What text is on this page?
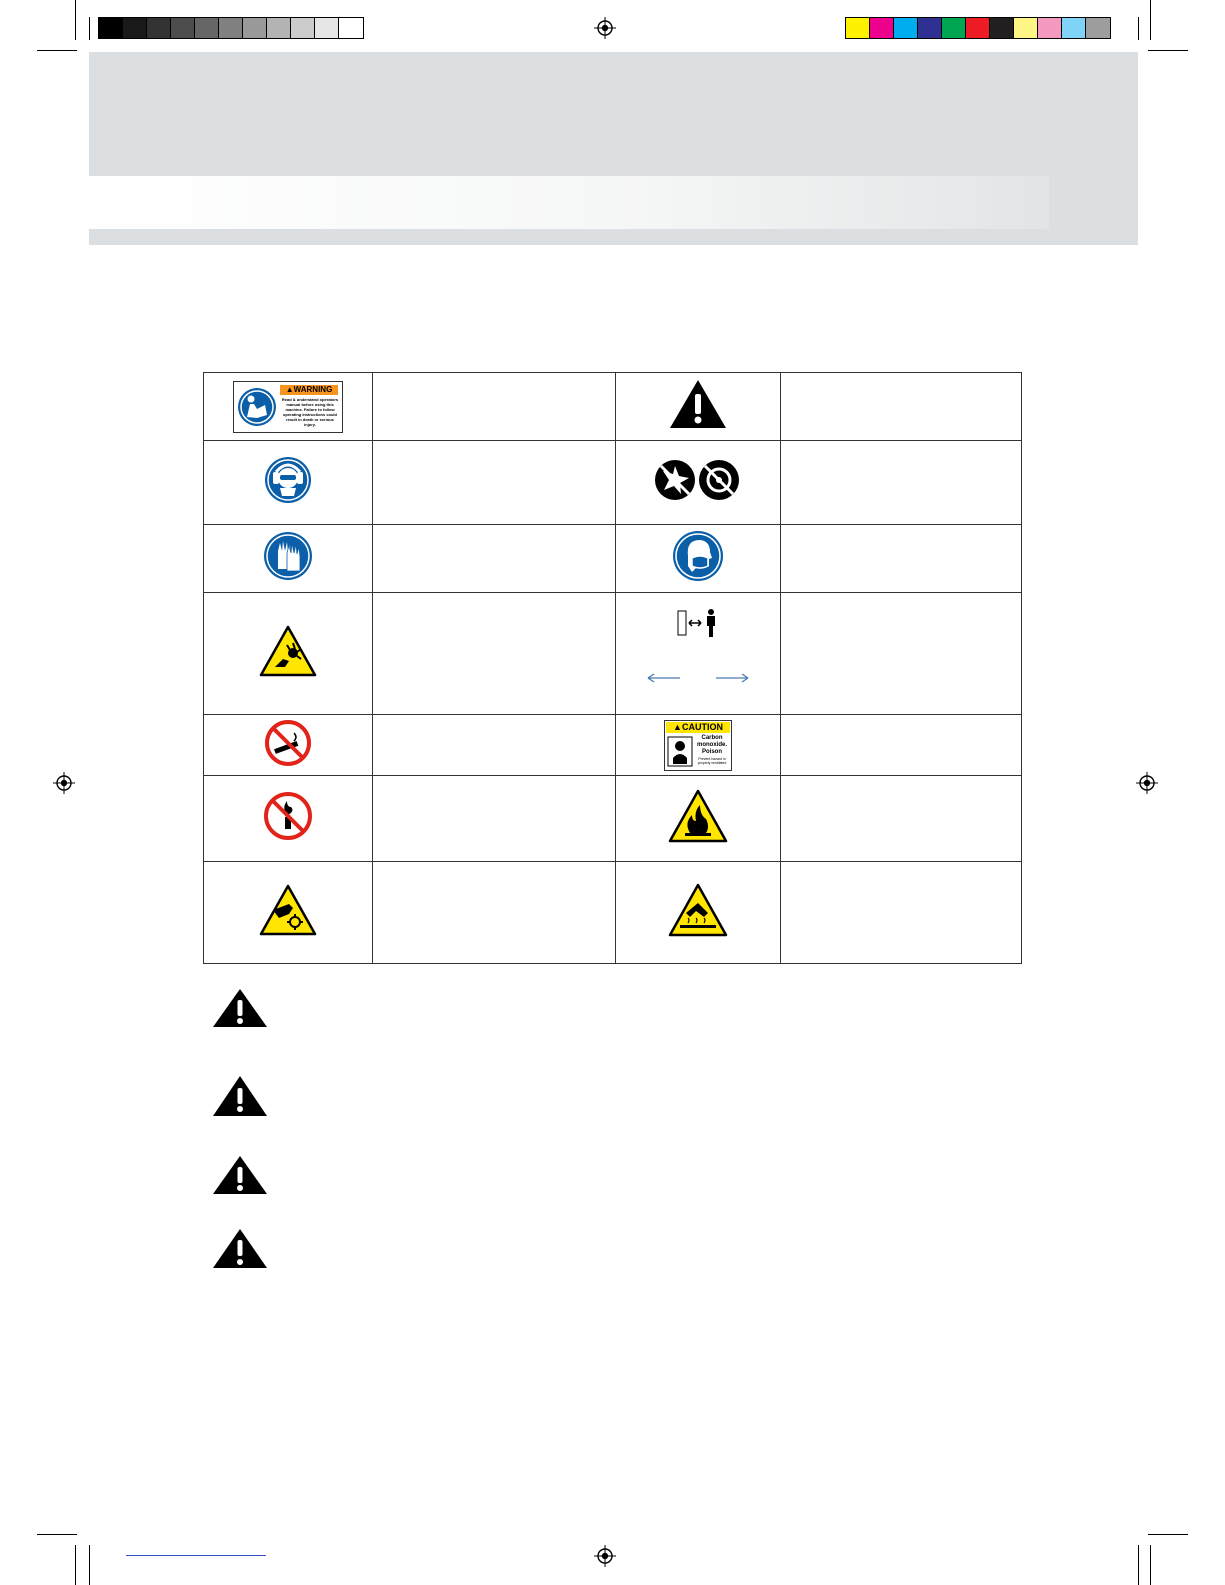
▲WARNING
Read & understand operators manual before using this machine. Failure to follow operating instructions could result in death or serious injury.

▲CAUTION
Carbon monoxide. Poison
Prevent hazard in properly ventilated	
